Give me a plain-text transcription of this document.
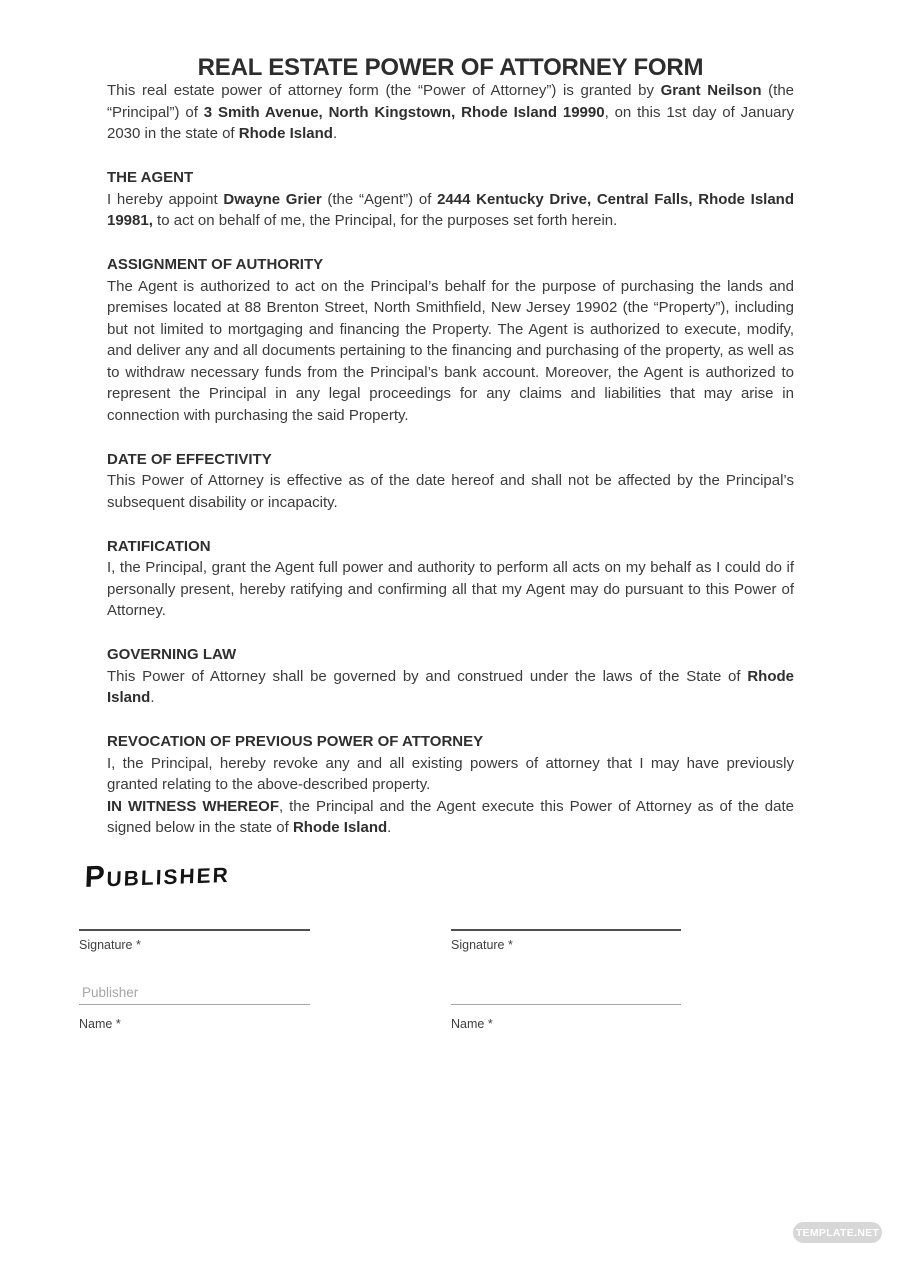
REAL ESTATE POWER OF ATTORNEY FORM

This real estate power of attorney form (the “Power of Attorney”) is granted by Grant Neilson (the “Principal”) of 3 Smith Avenue, North Kingstown, Rhode Island 19990, on this 1st day of January 2030 in the state of Rhode Island.

THE AGENT

I hereby appoint Dwayne Grier (the “Agent”) of 2444 Kentucky Drive, Central Falls, Rhode Island 19981, to act on behalf of me, the Principal, for the purposes set forth herein.

ASSIGNMENT OF AUTHORITY

The Agent is authorized to act on the Principal’s behalf for the purpose of purchasing the lands and premises located at 88 Brenton Street, North Smithfield, New Jersey 19902 (the “Property”), including but not limited to mortgaging and financing the Property. The Agent is authorized to execute, modify, and deliver any and all documents pertaining to the financing and purchasing of the property, as well as to withdraw necessary funds from the Principal’s bank account. Moreover, the Agent is authorized to represent the Principal in any legal proceedings for any claims and liabilities that may arise in connection with purchasing the said Property.

DATE OF EFFECTIVITY

This Power of Attorney is effective as of the date hereof and shall not be affected by the Principal’s subsequent disability or incapacity.

RATIFICATION

I, the Principal, grant the Agent full power and authority to perform all acts on my behalf as I could do if personally present, hereby ratifying and confirming all that my Agent may do pursuant to this Power of Attorney.

GOVERNING LAW

This Power of Attorney shall be governed by and construed under the laws of the State of Rhode Island.

REVOCATION OF PREVIOUS POWER OF ATTORNEY

I, the Principal, hereby revoke any and all existing powers of attorney that I may have previously granted relating to the above-described property.

IN WITNESS WHEREOF, the Principal and the Agent execute this Power of Attorney as of the date signed below in the state of Rhode Island.

Publisher
Signature *
Publisher
Name *
Signature *
Name *
TEMPLATE.NET
